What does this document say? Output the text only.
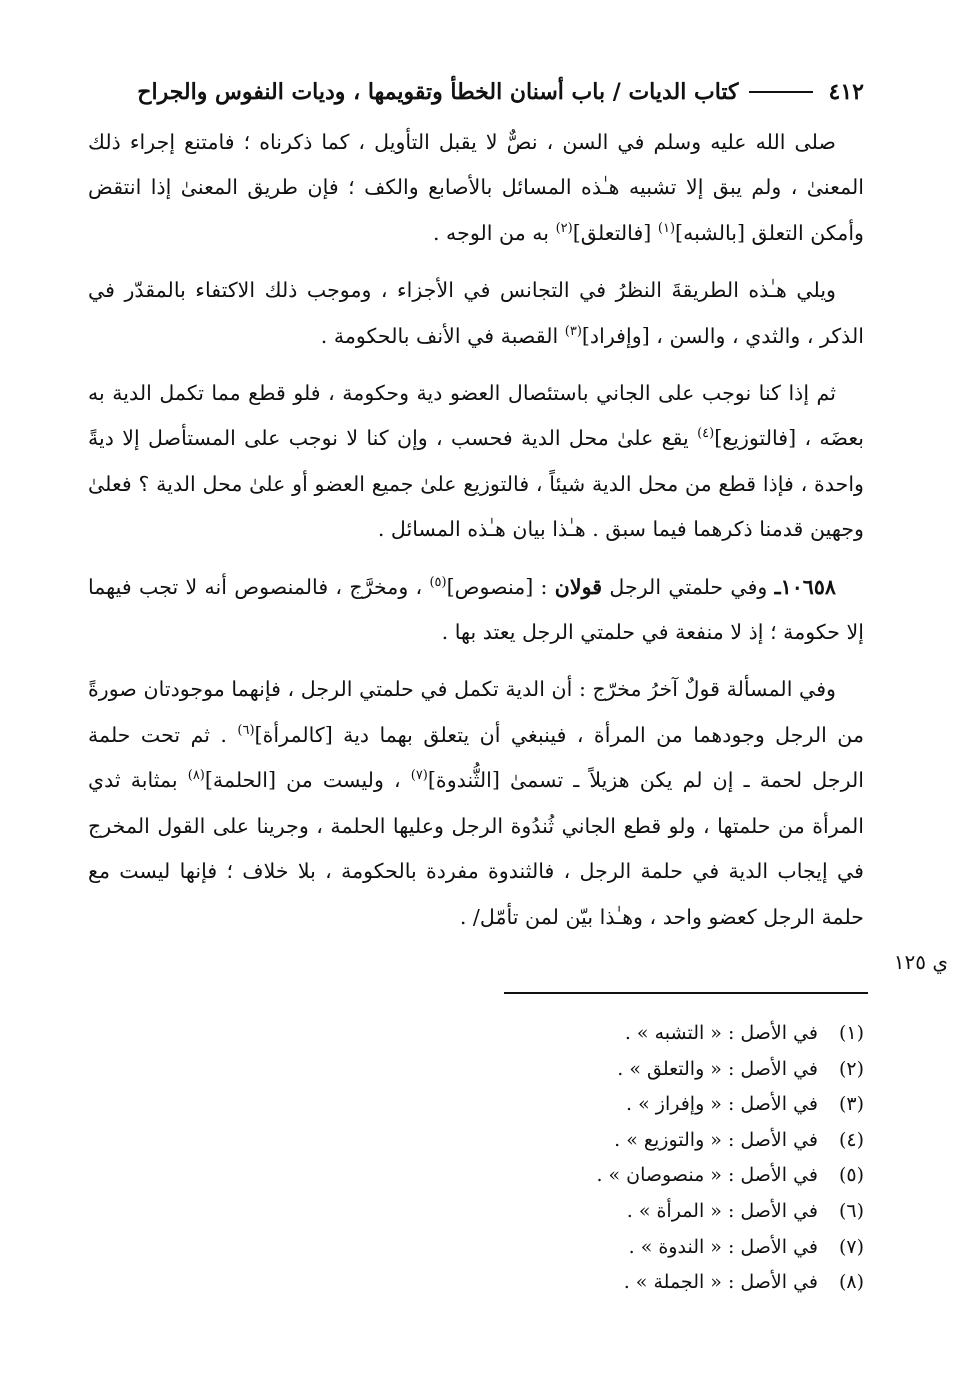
٤١٢
كتاب الديات / باب أسنان الخطأ وتقويمها ، وديات النفوس والجراح

صلى الله عليه وسلم في السن ، نصٌّ لا يقبل التأويل ، كما ذكرناه ؛ فامتنع إجراء ذلك المعنىٰ ، ولم يبق إلا تشبيه هـٰذه المسائل بالأصابع والكف ؛ فإن طريق المعنىٰ إذا انتقض وأمكن التعلق [بالشبه]$^{(١)}$ [فالتعلق]$^{(٢)}$ به من الوجه .

ويلي هـٰذه الطريقةَ النظرُ في التجانس في الأجزاء ، وموجب ذلك الاكتفاء بالمقدّر في الذكر ، والثدي ، والسن ، [وإفراد]$^{(٣)}$ القصبة في الأنف بالحكومة .

ثم إذا كنا نوجب على الجاني باستئصال العضو دية وحكومة ، فلو قطع مما تكمل الدية به بعضَه ، [فالتوزيع]$^{(٤)}$ يقع علىٰ محل الدية فحسب ، وإن كنا لا نوجب على المستأصل إلا ديةً واحدة ، فإذا قطع من محل الدية شيئاً ، فالتوزيع علىٰ جميع العضو أو علىٰ محل الدية ؟ فعلىٰ وجهين قدمنا ذكرهما فيما سبق . هـٰذا بيان هـٰذه المسائل .

١٠٦٥٨ـ وفي حلمتي الرجل قولان : [منصوص]$^{(٥)}$ ، ومخرَّج ، فالمنصوص أنه لا تجب فيهما إلا حكومة ؛ إذ لا منفعة في حلمتي الرجل يعتد بها .

وفي المسألة قولٌ آخرُ مخرّج : أن الدية تكمل في حلمتي الرجل ، فإنهما موجودتان صورةً من الرجل وجودهما من المرأة ، فينبغي أن يتعلق بهما دية [كالمرأة]$^{(٦)}$ . ثم تحت حلمة الرجل لحمة ـ إن لم يكن هزيلاً ـ تسمىٰ [الثُّندوة]$^{(٧)}$ ، وليست من [الحلمة]$^{(٨)}$ بمثابة ثدي المرأة من حلمتها ، ولو قطع الجاني ثُندُوة الرجل وعليها الحلمة ، وجرينا على القول المخرج في إيجاب الدية في حلمة الرجل ، فالثندوة مفردة بالحكومة ، بلا خلاف ؛ فإنها ليست مع حلمة الرجل كعضو واحد ، وهـٰذا بيّن لمن تأمّل/ .

ي ١٢٥
(١)في الأصل : « التشبه » .
(٢)في الأصل : « والتعلق » .
(٣)في الأصل : « وإفراز » .
(٤)في الأصل : « والتوزيع » .
(٥)في الأصل : « منصوصان » .
(٦)في الأصل : « المرأة » .
(٧)في الأصل : « الندوة » .
(٨)في الأصل : « الجملة » .
